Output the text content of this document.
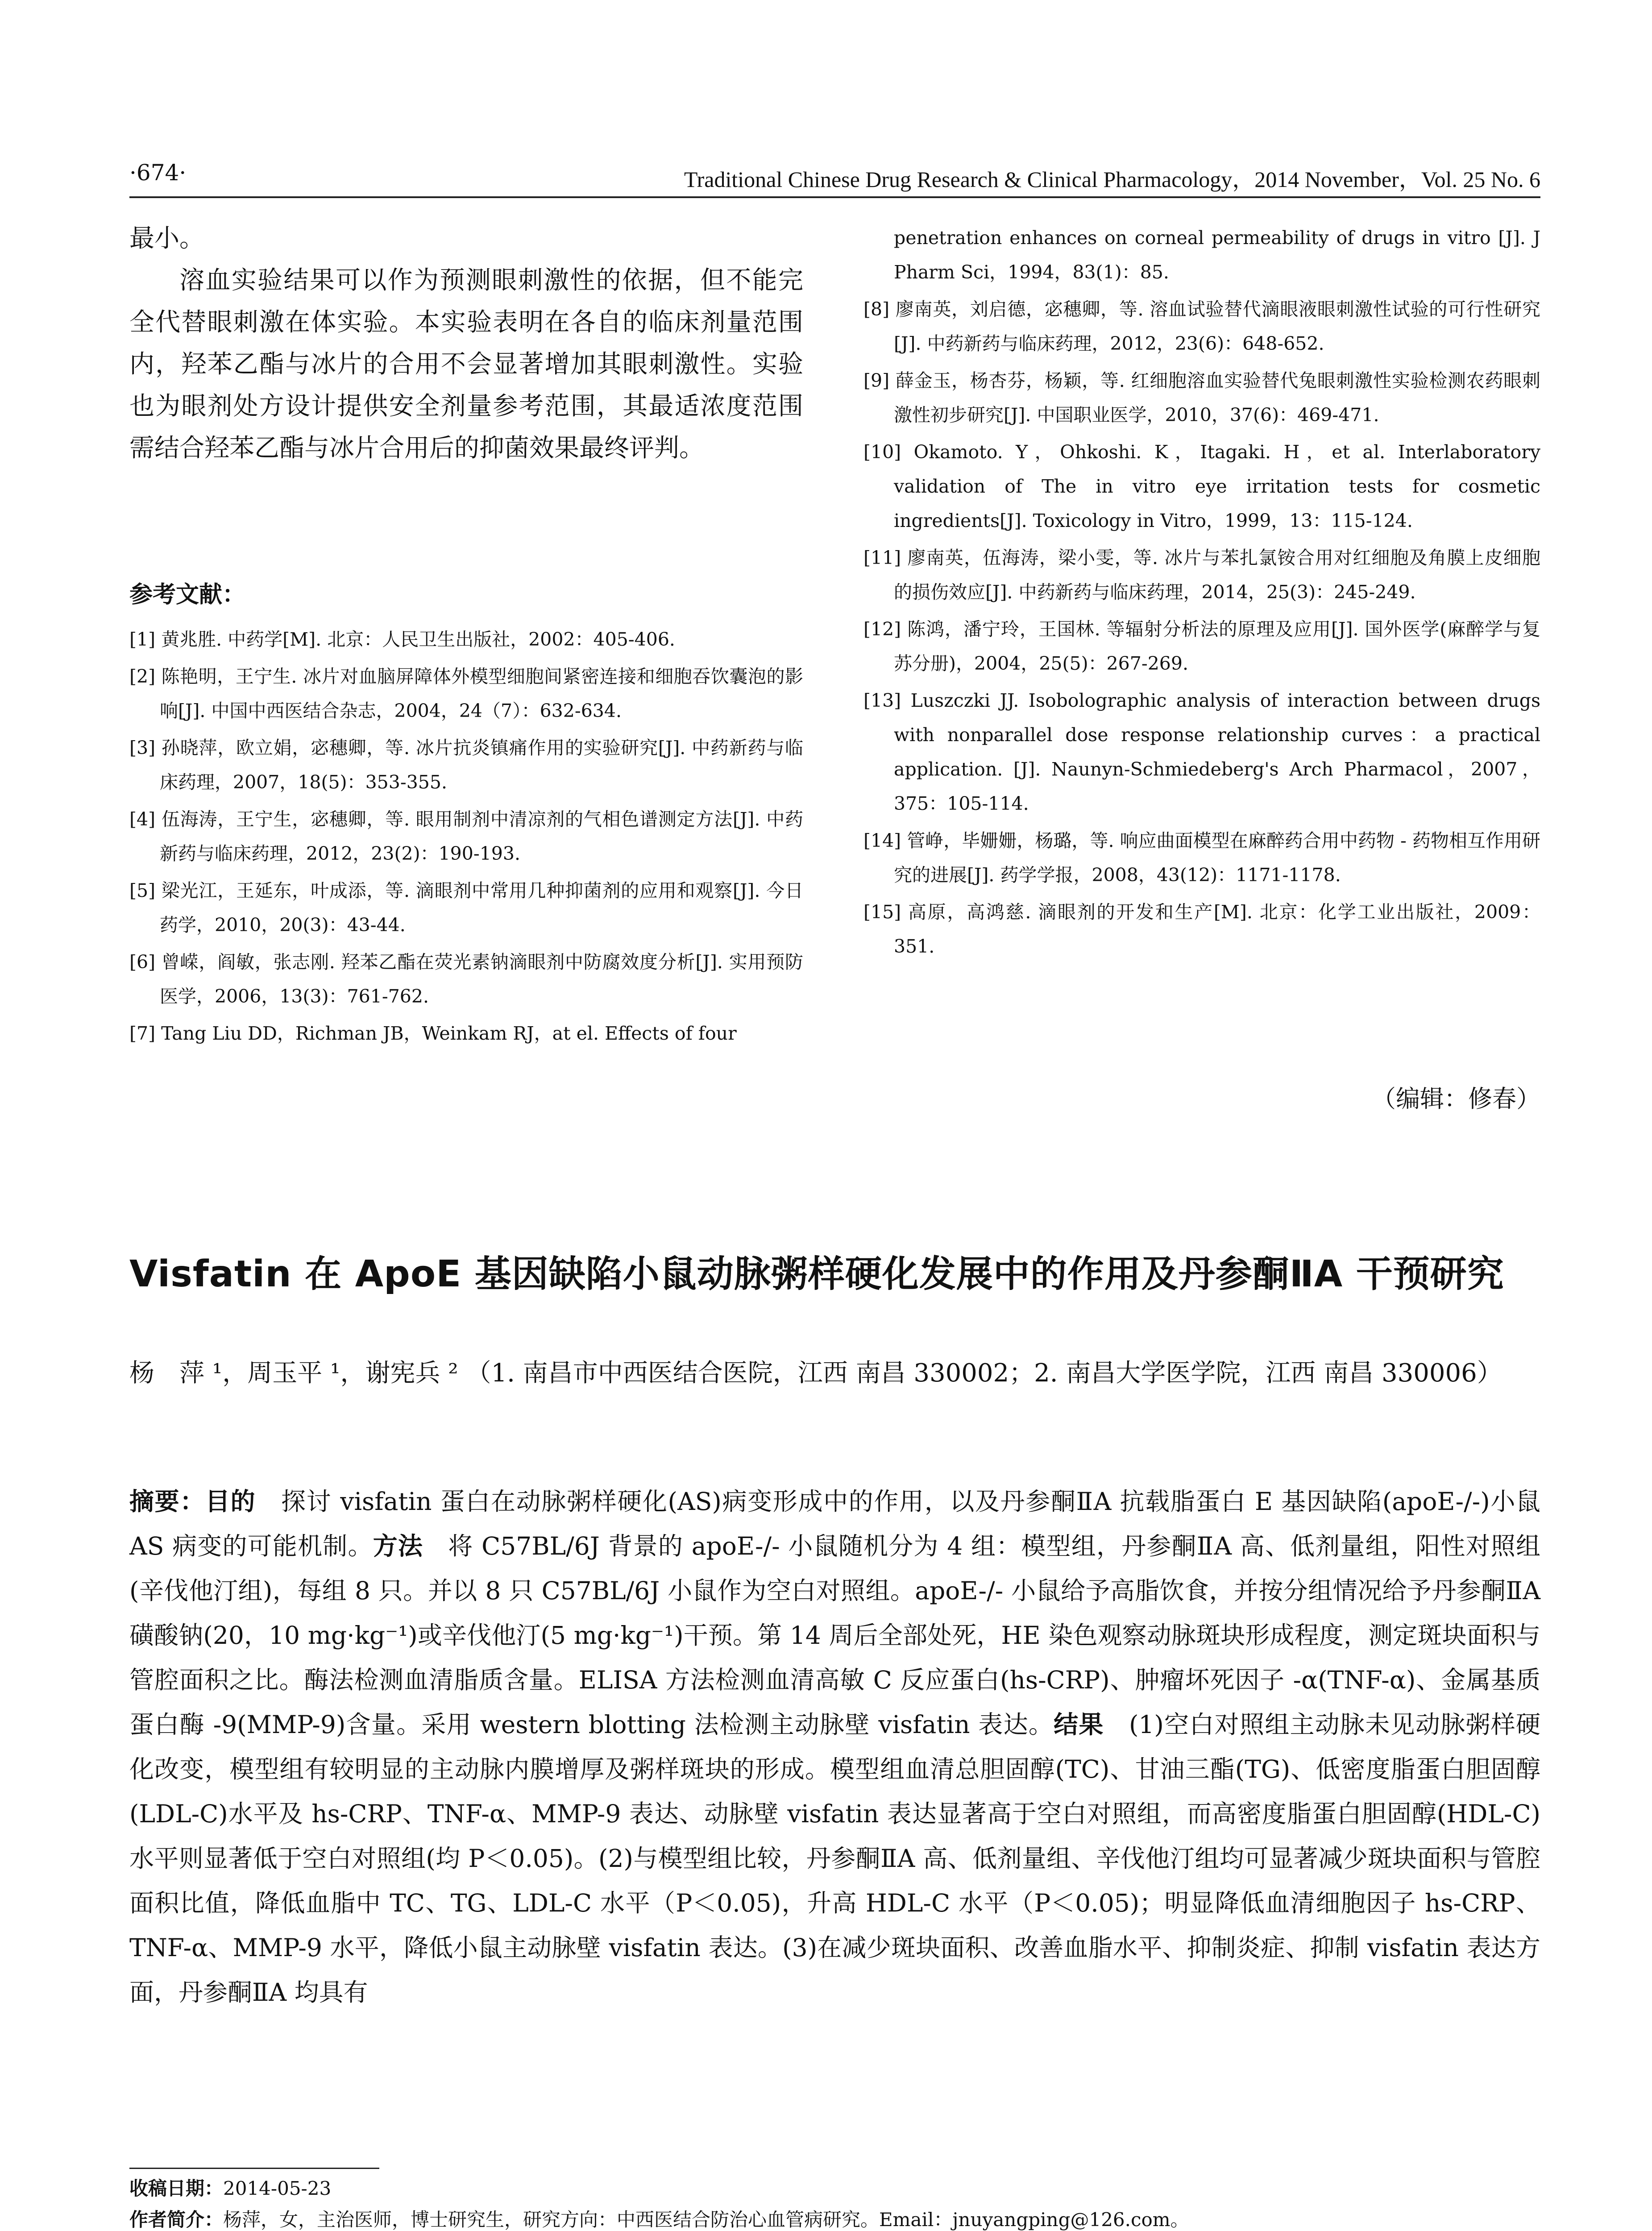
·674·	Traditional Chinese Drug Research & Clinical Pharmacology，2014 November，Vol. 25 No. 6

最小。

溶血实验结果可以作为预测眼刺激性的依据，但不能完全代替眼刺激在体实验。本实验表明在各自的临床剂量范围内，羟苯乙酯与冰片的合用不会显著增加其眼刺激性。实验也为眼剂处方设计提供安全剂量参考范围，其最适浓度范围需结合羟苯乙酯与冰片合用后的抑菌效果最终评判。

参考文献：

[1] 黄兆胜. 中药学[M]. 北京：人民卫生出版社，2002：405-406.

[2] 陈艳明，王宁生. 冰片对血脑屏障体外模型细胞间紧密连接和细胞吞饮囊泡的影响[J]. 中国中西医结合杂志，2004，24（7）：632-634.

[3] 孙晓萍，欧立娟，宓穗卿，等. 冰片抗炎镇痛作用的实验研究[J]. 中药新药与临床药理，2007，18(5)：353-355.

[4] 伍海涛，王宁生，宓穗卿，等. 眼用制剂中清凉剂的气相色谱测定方法[J]. 中药新药与临床药理，2012，23(2)：190-193.

[5] 梁光江，王延东，叶成添，等. 滴眼剂中常用几种抑菌剂的应用和观察[J]. 今日药学，2010，20(3)：43-44.

[6] 曾嵘，阎敏，张志刚. 羟苯乙酯在荧光素钠滴眼剂中防腐效度分析[J]. 实用预防医学，2006，13(3)：761-762.

[7] Tang Liu DD，Richman JB，Weinkam RJ，at el. Effects of four

penetration enhances on corneal permeability of drugs in vitro [J]. J Pharm Sci，1994，83(1)：85.

[8] 廖南英，刘启德，宓穗卿，等. 溶血试验替代滴眼液眼刺激性试验的可行性研究[J]. 中药新药与临床药理，2012，23(6)：648-652.

[9] 薛金玉，杨杏芬，杨颖，等. 红细胞溶血实验替代兔眼刺激性实验检测农药眼刺激性初步研究[J]. 中国职业医学，2010，37(6)：469-471.

[10] Okamoto. Y，Ohkoshi. K，Itagaki. H，et al. Interlaboratory validation of The in vitro eye irritation tests for cosmetic ingredients[J]. Toxicology in Vitro，1999，13：115-124.

[11] 廖南英，伍海涛，梁小雯，等. 冰片与苯扎氯铵合用对红细胞及角膜上皮细胞的损伤效应[J]. 中药新药与临床药理，2014，25(3)：245-249.

[12] 陈鸿，潘宁玲，王国林. 等辐射分析法的原理及应用[J]. 国外医学(麻醉学与复苏分册)，2004，25(5)：267-269.

[13] Luszczki JJ. Isobolographic analysis of interaction between drugs with nonparallel dose response relationship curves：a practical application. [J]. Naunyn-Schmiedeberg's Arch Pharmacol，2007，375：105-114.

[14] 管峥，毕姗姗，杨璐，等. 响应曲面模型在麻醉药合用中药物 - 药物相互作用研究的进展[J]. 药学学报，2008，43(12)：1171-1178.

[15] 高原，高鸿慈. 滴眼剂的开发和生产[M]. 北京：化学工业出版社，2009：351.

（编辑：修春）
Visfatin 在 ApoE 基因缺陷小鼠动脉粥样硬化发展中的作用及丹参酮ⅡA 干预研究
杨　萍 ¹，周玉平 ¹，谢宪兵 ² （1. 南昌市中西医结合医院，江西 南昌 330002；2. 南昌大学医学院，江西 南昌 330006）
摘要：目的　 探讨 visfatin 蛋白在动脉粥样硬化(AS)病变形成中的作用，以及丹参酮ⅡA 抗载脂蛋白 E 基因缺陷(apoE-/-)小鼠 AS 病变的可能机制。方法　 将 C57BL/6J 背景的 apoE-/- 小鼠随机分为 4 组：模型组，丹参酮ⅡA 高、低剂量组，阳性对照组(辛伐他汀组)，每组 8 只。并以 8 只 C57BL/6J 小鼠作为空白对照组。apoE-/- 小鼠给予高脂饮食，并按分组情况给予丹参酮ⅡA 磺酸钠(20，10 mg·kg⁻¹)或辛伐他汀(5 mg·kg⁻¹)干预。第 14 周后全部处死，HE 染色观察动脉斑块形成程度，测定斑块面积与管腔面积之比。酶法检测血清脂质含量。ELISA 方法检测血清高敏 C 反应蛋白(hs-CRP)、肿瘤坏死因子 -α(TNF-α)、金属基质蛋白酶 -9(MMP-9)含量。采用 western blotting 法检测主动脉壁 visfatin 表达。结果　 (1)空白对照组主动脉未见动脉粥样硬化改变，模型组有较明显的主动脉内膜增厚及粥样斑块的形成。模型组血清总胆固醇(TC)、甘油三酯(TG)、低密度脂蛋白胆固醇(LDL-C)水平及 hs-CRP、TNF-α、MMP-9 表达、动脉壁 visfatin 表达显著高于空白对照组，而高密度脂蛋白胆固醇(HDL-C)水平则显著低于空白对照组(均 P＜0.05)。(2)与模型组比较，丹参酮ⅡA 高、低剂量组、辛伐他汀组均可显著减少斑块面积与管腔面积比值，降低血脂中 TC、TG、LDL-C 水平（P＜0.05)，升高 HDL-C 水平（P＜0.05)；明显降低血清细胞因子 hs-CRP、TNF-α、MMP-9 水平，降低小鼠主动脉壁 visfatin 表达。(3)在减少斑块面积、改善血脂水平、抑制炎症、抑制 visfatin 表达方面，丹参酮ⅡA 均具有

收稿日期：2014-05-23

作者简介：杨萍，女，主治医师，博士研究生，研究方向：中西医结合防治心血管病研究。Email：jnuyangping@126.com。
